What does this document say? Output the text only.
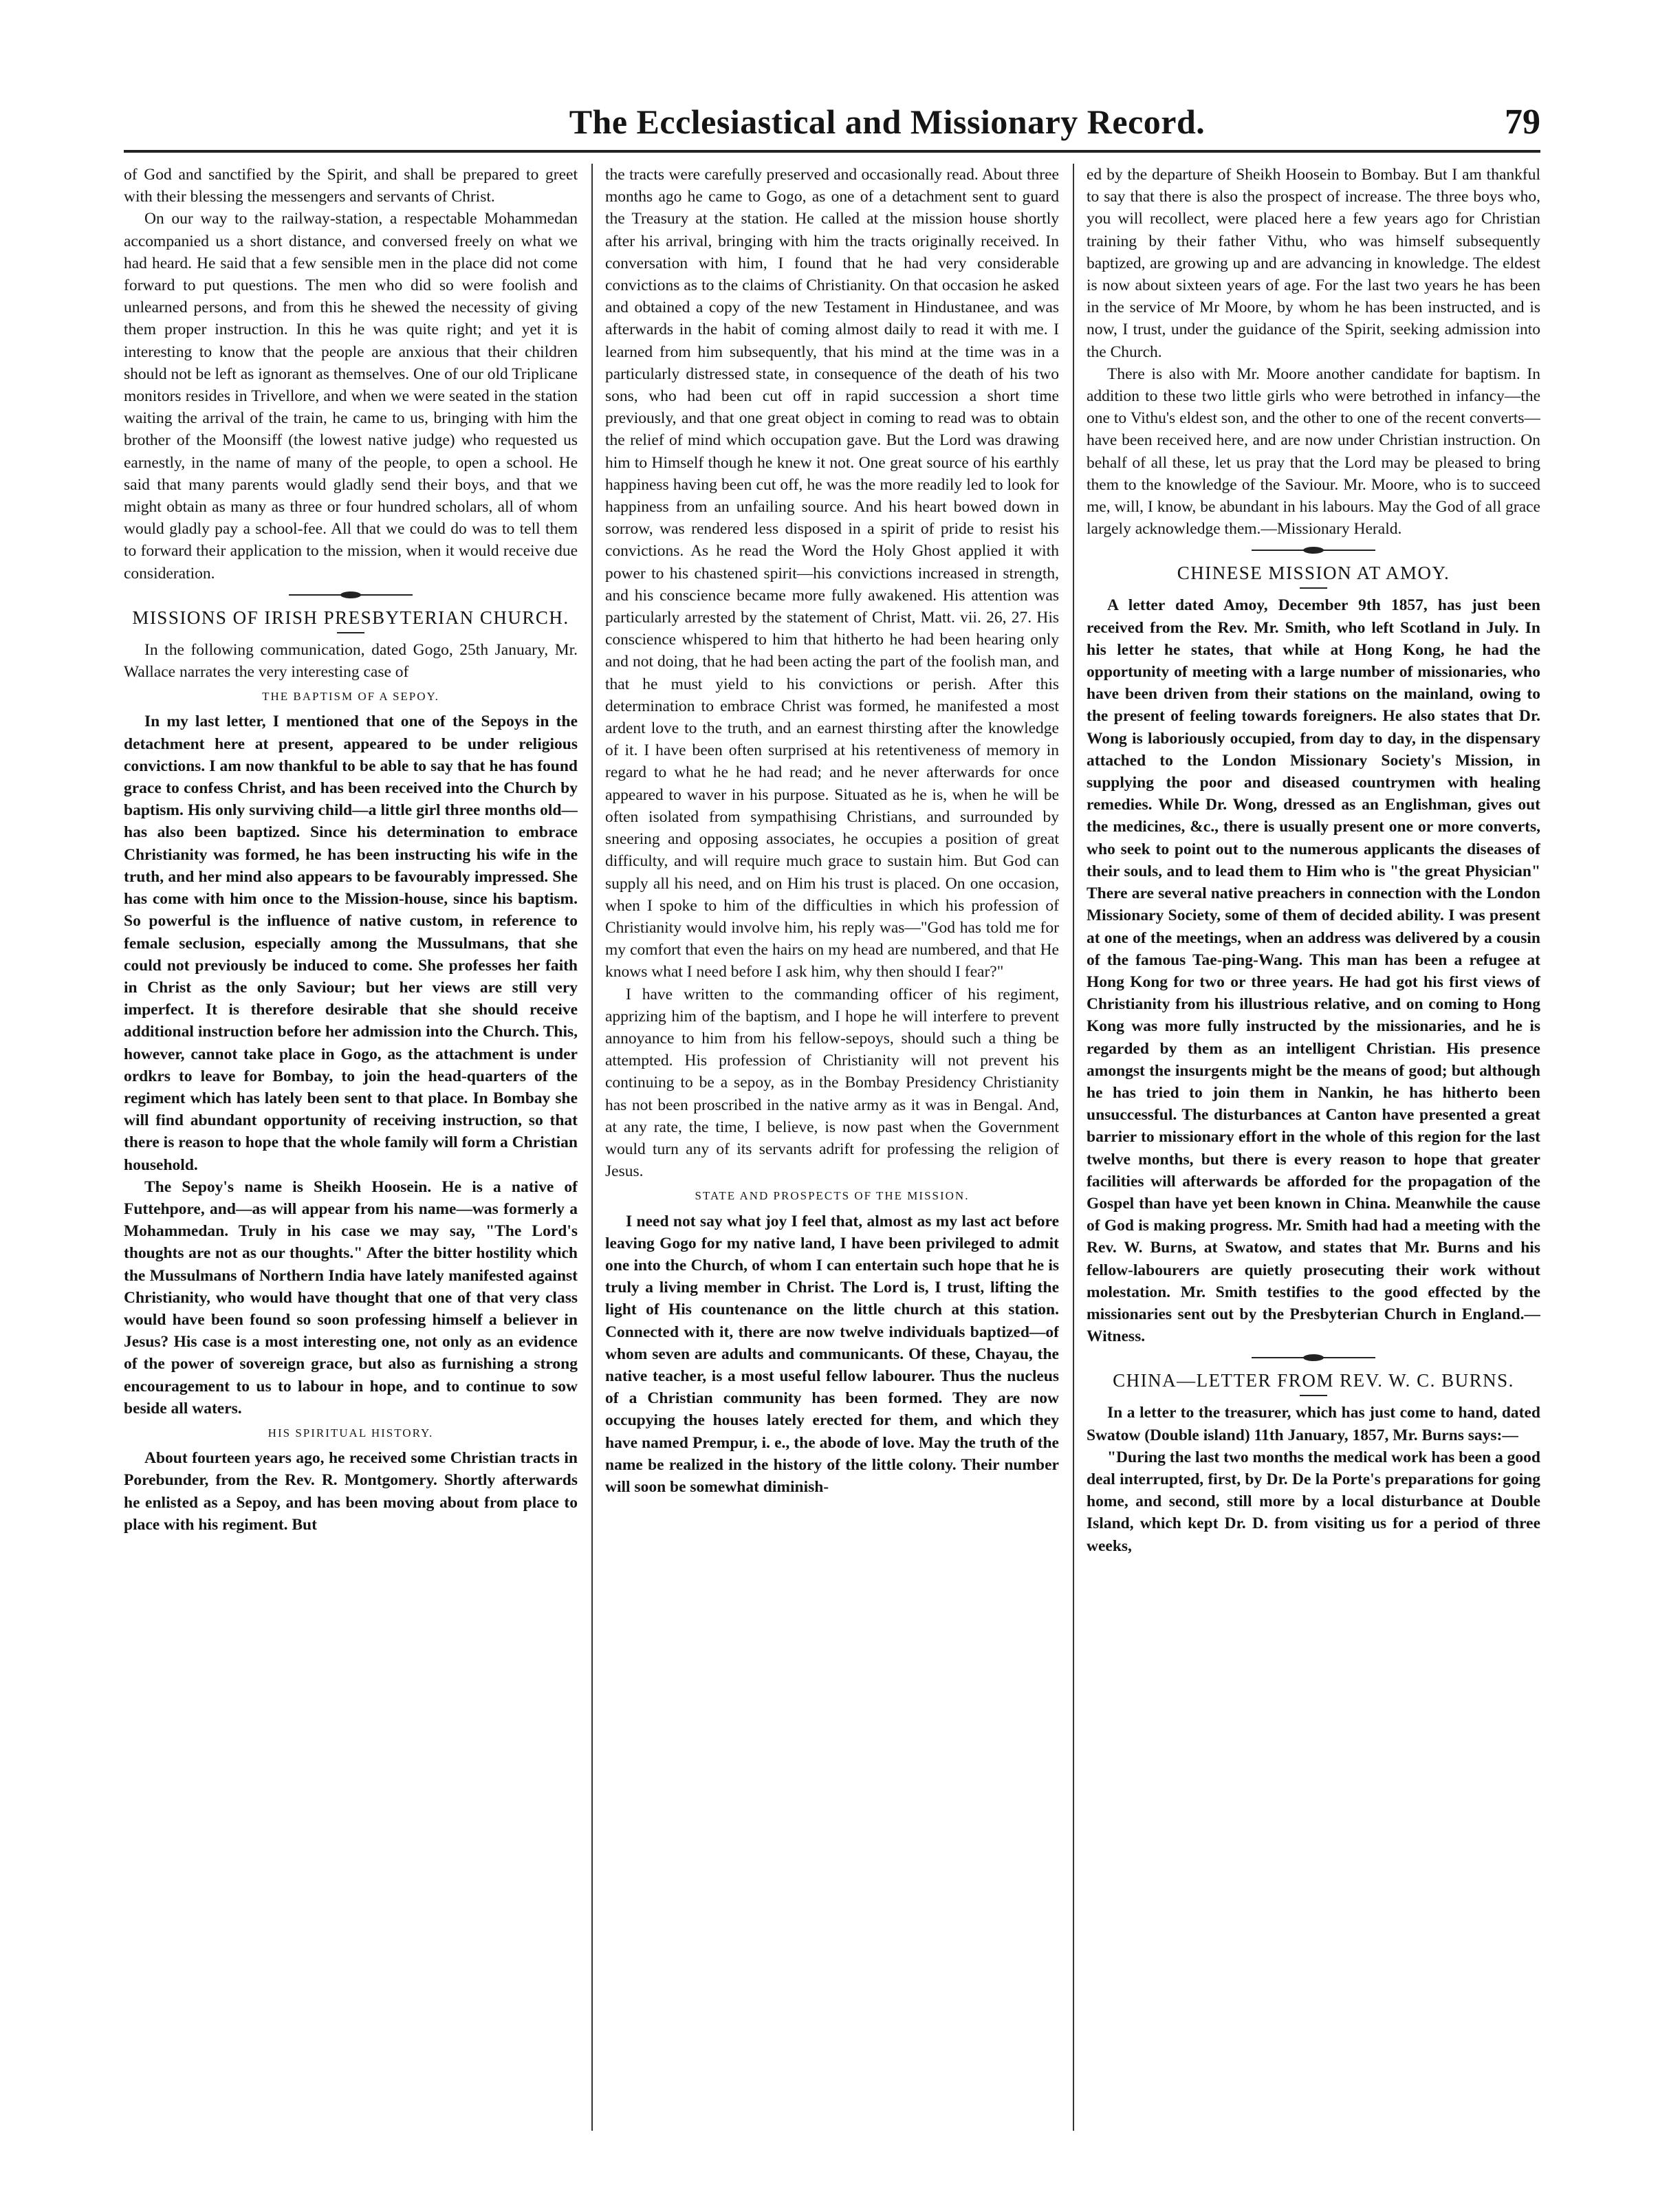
The Ecclesiastical and Missionary Record.	79

of God and sanctified by the Spirit, and shall be prepared to greet with their blessing the messengers and servants of Christ.

On our way to the railway-station, a respectable Mohammedan accompanied us a short distance, and conversed freely on what we had heard. He said that a few sensible men in the place did not come forward to put questions. The men who did so were foolish and unlearned persons, and from this he shewed the necessity of giving them proper instruction. In this he was quite right; and yet it is interesting to know that the people are anxious that their children should not be left as ignorant as themselves. One of our old Triplicane monitors resides in Trivellore, and when we were seated in the station waiting the arrival of the train, he came to us, bringing with him the brother of the Moonsiff (the lowest native judge) who requested us earnestly, in the name of many of the people, to open a school. He said that many parents would gladly send their boys, and that we might obtain as many as three or four hundred scholars, all of whom would gladly pay a school-fee. All that we could do was to tell them to forward their application to the mission, when it would receive due consideration.

MISSIONS OF IRISH PRESBYTERIAN CHURCH.

In the following communication, dated Gogo, 25th January, Mr. Wallace narrates the very interesting case of

THE BAPTISM OF A SEPOY.

In my last letter, I mentioned that one of the Sepoys in the detachment here at present, appeared to be under religious convictions. I am now thankful to be able to say that he has found grace to confess Christ, and has been received into the Church by baptism. His only surviving child—a little girl three months old—has also been baptized. Since his determination to embrace Christianity was formed, he has been instructing his wife in the truth, and her mind also appears to be favourably impressed. She has come with him once to the Mission-house, since his baptism. So powerful is the influence of native custom, in reference to female seclusion, especially among the Mussulmans, that she could not previously be induced to come. She professes her faith in Christ as the only Saviour; but her views are still very imperfect. It is therefore desirable that she should receive additional instruction before her admission into the Church. This, however, cannot take place in Gogo, as the attachment is under ordkrs to leave for Bombay, to join the head-quarters of the regiment which has lately been sent to that place. In Bombay she will find abundant opportunity of receiving instruction, so that there is reason to hope that the whole family will form a Christian household.

The Sepoy's name is Sheikh Hoosein. He is a native of Futtehpore, and—as will appear from his name—was formerly a Mohammedan. Truly in his case we may say, "The Lord's thoughts are not as our thoughts." After the bitter hostility which the Mussulmans of Northern India have lately manifested against Christianity, who would have thought that one of that very class would have been found so soon professing himself a believer in Jesus? His case is a most interesting one, not only as an evidence of the power of sovereign grace, but also as furnishing a strong encouragement to us to labour in hope, and to continue to sow beside all waters.

HIS SPIRITUAL HISTORY.

About fourteen years ago, he received some Christian tracts in Porebunder, from the Rev. R. Montgomery. Shortly afterwards he enlisted as a Sepoy, and has been moving about from place to place with his regiment. But

the tracts were carefully preserved and occasionally read. About three months ago he came to Gogo, as one of a detachment sent to guard the Treasury at the station. He called at the mission house shortly after his arrival, bringing with him the tracts originally received. In conversation with him, I found that he had very considerable convictions as to the claims of Christianity. On that occasion he asked and obtained a copy of the new Testament in Hindustanee, and was afterwards in the habit of coming almost daily to read it with me. I learned from him subsequently, that his mind at the time was in a particularly distressed state, in consequence of the death of his two sons, who had been cut off in rapid succession a short time previously, and that one great object in coming to read was to obtain the relief of mind which occupation gave. But the Lord was drawing him to Himself though he knew it not. One great source of his earthly happiness having been cut off, he was the more readily led to look for happiness from an unfailing source. And his heart bowed down in sorrow, was rendered less disposed in a spirit of pride to resist his convictions. As he read the Word the Holy Ghost applied it with power to his chastened spirit—his convictions increased in strength, and his conscience became more fully awakened. His attention was particularly arrested by the statement of Christ, Matt. vii. 26, 27. His conscience whispered to him that hitherto he had been hearing only and not doing, that he had been acting the part of the foolish man, and that he must yield to his convictions or perish. After this determination to embrace Christ was formed, he manifested a most ardent love to the truth, and an earnest thirsting after the knowledge of it. I have been often surprised at his retentiveness of memory in regard to what he he had read; and he never afterwards for once appeared to waver in his purpose. Situated as he is, when he will be often isolated from sympathising Christians, and surrounded by sneering and opposing associates, he occupies a position of great difficulty, and will require much grace to sustain him. But God can supply all his need, and on Him his trust is placed. On one occasion, when I spoke to him of the difficulties in which his profession of Christianity would involve him, his reply was—"God has told me for my comfort that even the hairs on my head are numbered, and that He knows what I need before I ask him, why then should I fear?"

I have written to the commanding officer of his regiment, apprizing him of the baptism, and I hope he will interfere to prevent annoyance to him from his fellow-sepoys, should such a thing be attempted. His profession of Christianity will not prevent his continuing to be a sepoy, as in the Bombay Presidency Christianity has not been proscribed in the native army as it was in Bengal. And, at any rate, the time, I believe, is now past when the Government would turn any of its servants adrift for professing the religion of Jesus.

STATE AND PROSPECTS OF THE MISSION.

I need not say what joy I feel that, almost as my last act before leaving Gogo for my native land, I have been privileged to admit one into the Church, of whom I can entertain such hope that he is truly a living member in Christ. The Lord is, I trust, lifting the light of His countenance on the little church at this station. Connected with it, there are now twelve individuals baptized—of whom seven are adults and communicants. Of these, Chayau, the native teacher, is a most useful fellow labourer. Thus the nucleus of a Christian community has been formed. They are now occupying the houses lately erected for them, and which they have named Prempur, i. e., the abode of love. May the truth of the name be realized in the history of the little colony. Their number will soon be somewhat diminish-

ed by the departure of Sheikh Hoosein to Bombay. But I am thankful to say that there is also the prospect of increase. The three boys who, you will recollect, were placed here a few years ago for Christian training by their father Vithu, who was himself subsequently baptized, are growing up and are advancing in knowledge. The eldest is now about sixteen years of age. For the last two years he has been in the service of Mr Moore, by whom he has been instructed, and is now, I trust, under the guidance of the Spirit, seeking admission into the Church.

There is also with Mr. Moore another candidate for baptism. In addition to these two little girls who were betrothed in infancy—the one to Vithu's eldest son, and the other to one of the recent converts—have been received here, and are now under Christian instruction. On behalf of all these, let us pray that the Lord may be pleased to bring them to the knowledge of the Saviour. Mr. Moore, who is to succeed me, will, I know, be abundant in his labours. May the God of all grace largely acknowledge them.—Missionary Herald.

CHINESE MISSION AT AMOY.

A letter dated Amoy, December 9th 1857, has just been received from the Rev. Mr. Smith, who left Scotland in July. In his letter he states, that while at Hong Kong, he had the opportunity of meeting with a large number of missionaries, who have been driven from their stations on the mainland, owing to the present of feeling towards foreigners. He also states that Dr. Wong is laboriously occupied, from day to day, in the dispensary attached to the London Missionary Society's Mission, in supplying the poor and diseased countrymen with healing remedies. While Dr. Wong, dressed as an Englishman, gives out the medicines, &c., there is usually present one or more converts, who seek to point out to the numerous applicants the diseases of their souls, and to lead them to Him who is "the great Physician" There are several native preachers in connection with the London Missionary Society, some of them of decided ability. I was present at one of the meetings, when an address was delivered by a cousin of the famous Tae-ping-Wang. This man has been a refugee at Hong Kong for two or three years. He had got his first views of Christianity from his illustrious relative, and on coming to Hong Kong was more fully instructed by the missionaries, and he is regarded by them as an intelligent Christian. His presence amongst the insurgents might be the means of good; but although he has tried to join them in Nankin, he has hitherto been unsuccessful. The disturbances at Canton have presented a great barrier to missionary effort in the whole of this region for the last twelve months, but there is every reason to hope that greater facilities will afterwards be afforded for the propagation of the Gospel than have yet been known in China. Meanwhile the cause of God is making progress. Mr. Smith had had a meeting with the Rev. W. Burns, at Swatow, and states that Mr. Burns and his fellow-labourers are quietly prosecuting their work without molestation. Mr. Smith testifies to the good effected by the missionaries sent out by the Presbyterian Church in England.—Witness.

CHINA—LETTER FROM REV. W. C. BURNS.

In a letter to the treasurer, which has just come to hand, dated Swatow (Double island) 11th January, 1857, Mr. Burns says:—

"During the last two months the medical work has been a good deal interrupted, first, by Dr. De la Porte's preparations for going home, and second, still more by a local disturbance at Double Island, which kept Dr. D. from visiting us for a period of three weeks,
